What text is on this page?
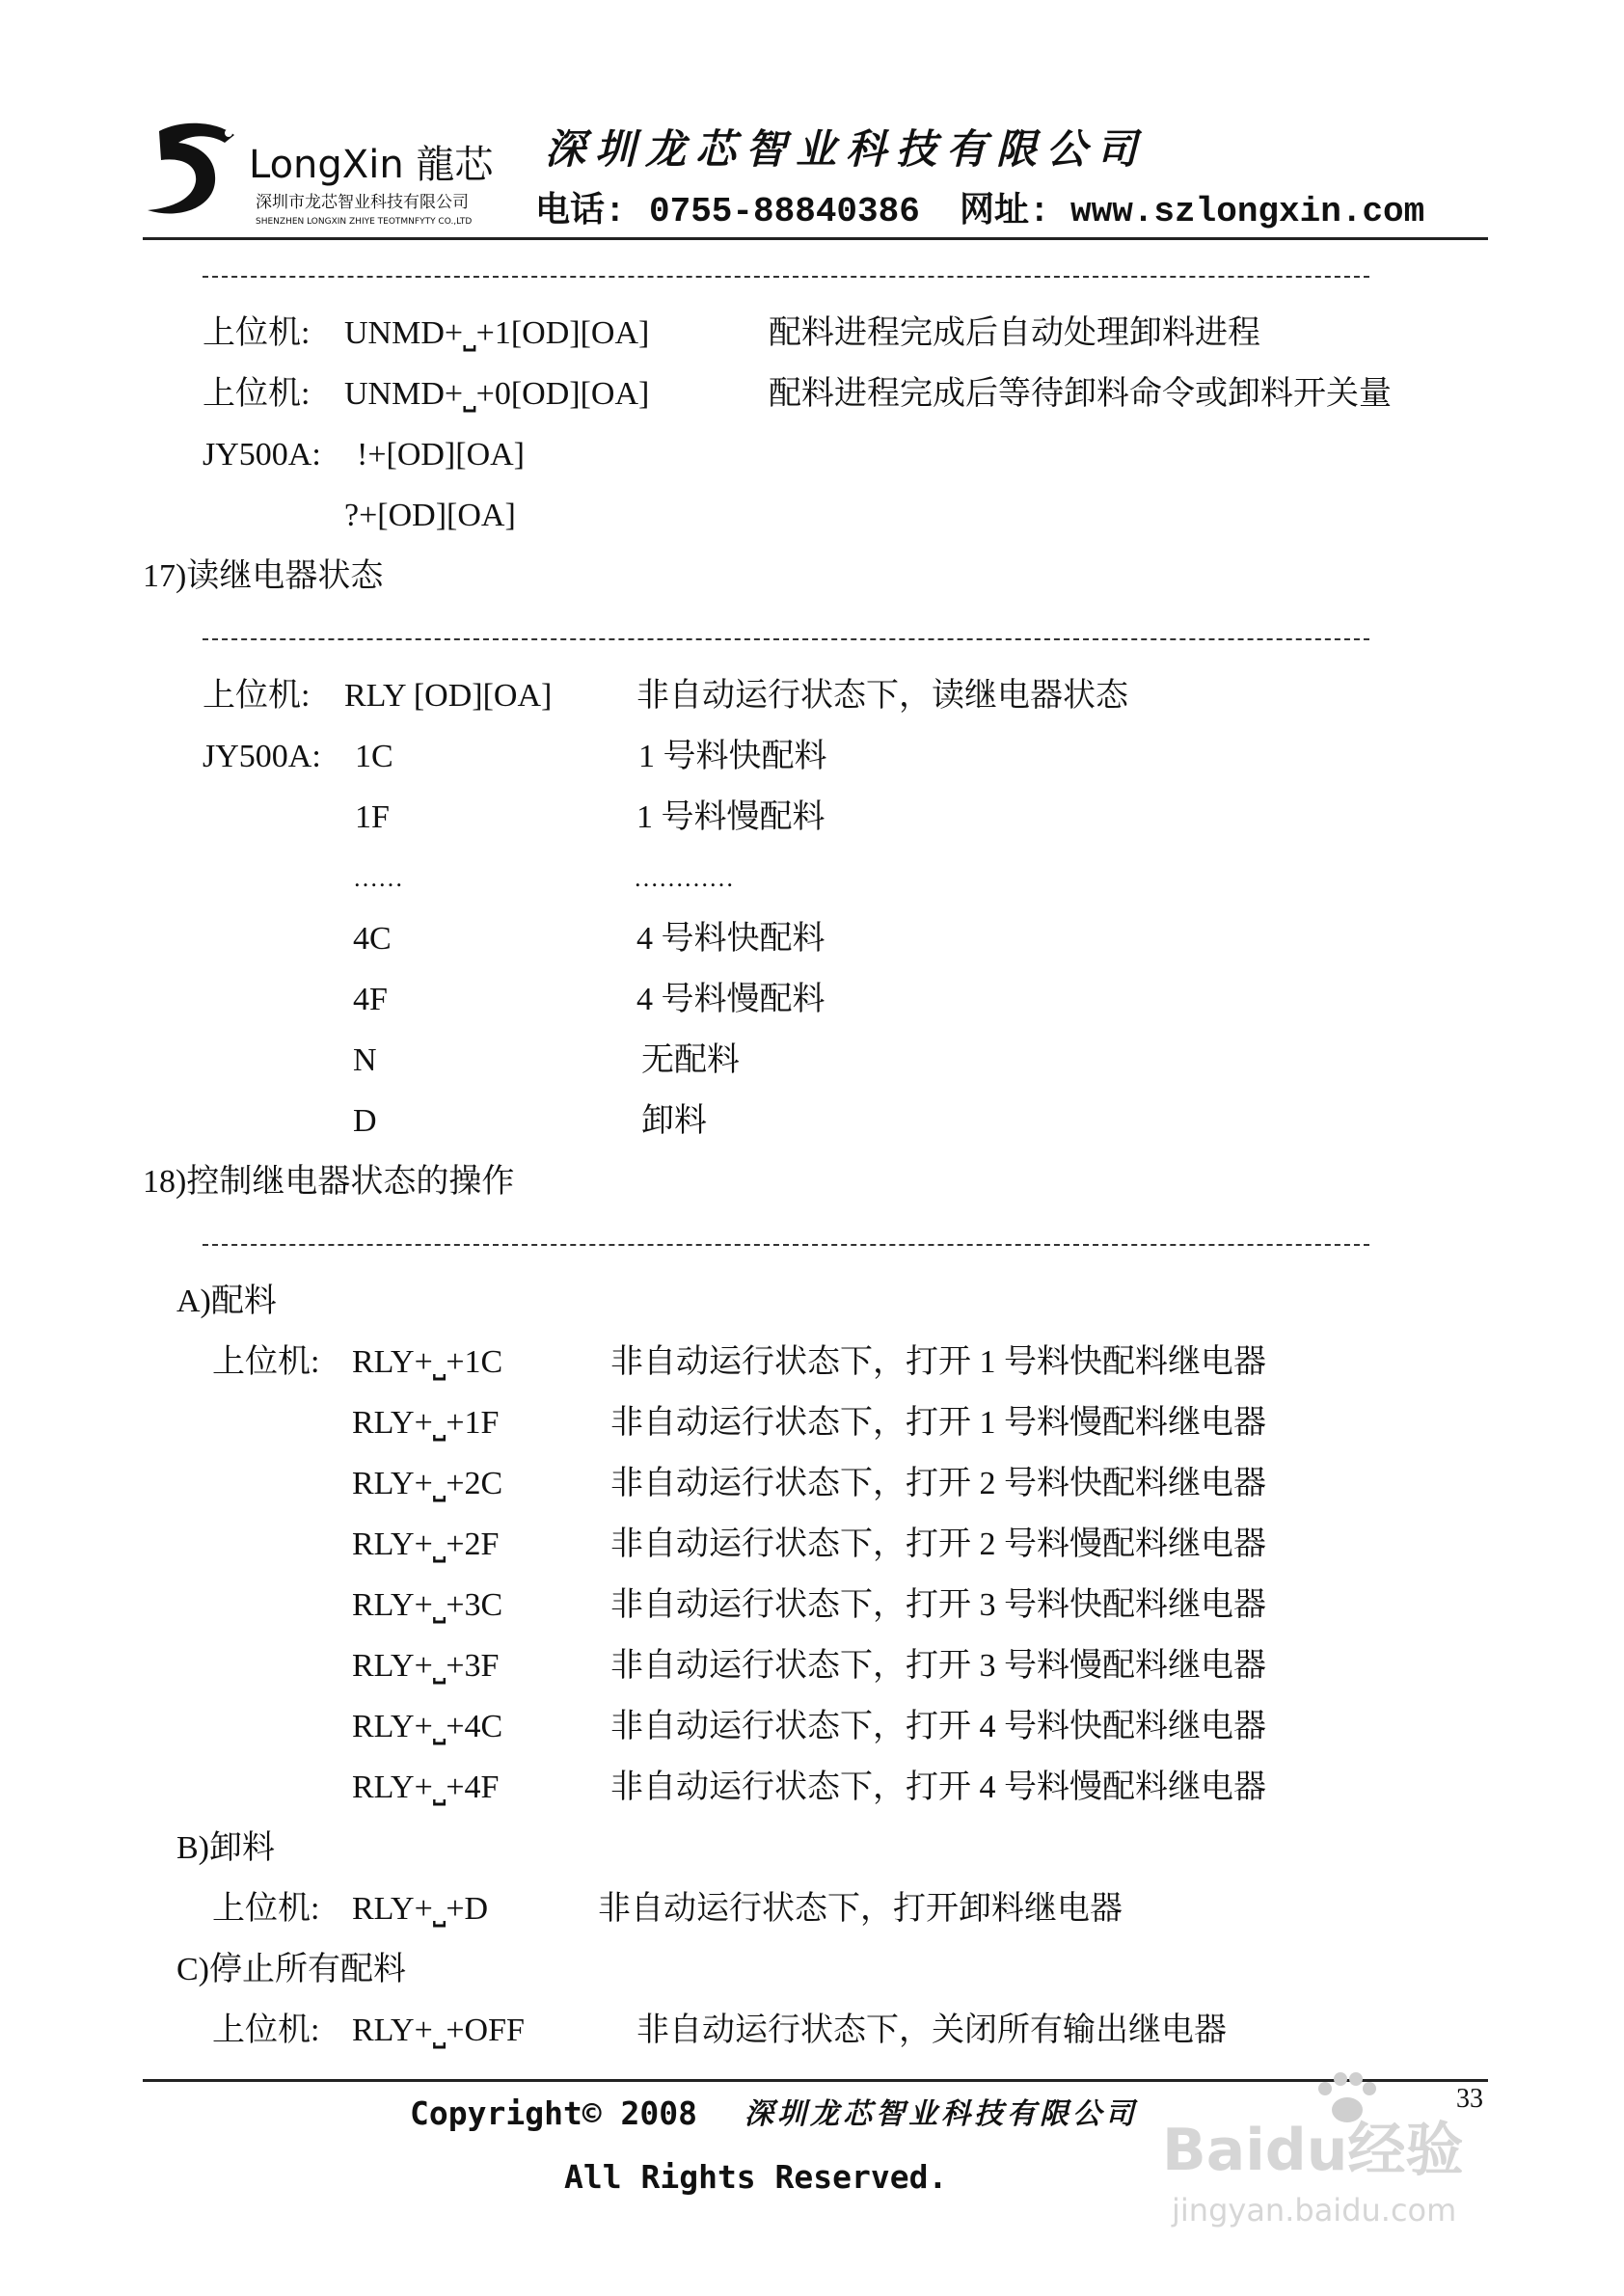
LongXin 龍芯
深圳市龙芯智业科技有限公司
SHENZHEN LONGXIN ZHIYE TEOTMNFYTY CO.,LTD
深圳龙芯智业科技有限公司
电话: 0755-88840386 网址: www.szlongxin.com
上位机: UNMD+⎵+1[OD][OA]	配料进程完成后自动处理卸料进程
上位机: UNMD+⎵+0[OD][OA]	配料进程完成后等待卸料命令或卸料开关量
JY500A: !+[OD][OA]
?+[OD][OA]
17)读继电器状态
上位机: RLY [OD][OA]	非自动运行状态下，读继电器状态
JY500A: 1C	1 号料快配料
1F	1 号料慢配料
……	…………
4C	4 号料快配料
4F	4 号料慢配料
N	无配料
D	卸料
18)控制继电器状态的操作
A)配料
上位机: RLY+⎵+1C	非自动运行状态下，打开 1 号料快配料继电器
RLY+⎵+1F	非自动运行状态下，打开 1 号料慢配料继电器
RLY+⎵+2C	非自动运行状态下，打开 2 号料快配料继电器
RLY+⎵+2F	非自动运行状态下，打开 2 号料慢配料继电器
RLY+⎵+3C	非自动运行状态下，打开 3 号料快配料继电器
RLY+⎵+3F	非自动运行状态下，打开 3 号料慢配料继电器
RLY+⎵+4C	非自动运行状态下，打开 4 号料快配料继电器
RLY+⎵+4F	非自动运行状态下，打开 4 号料慢配料继电器
B)卸料
上位机: RLY+⎵+D	非自动运行状态下，打开卸料继电器
C)停止所有配料
上位机: RLY+⎵+OFF	非自动运行状态下，关闭所有输出继电器
33
Copyright© 2008 深圳龙芯智业科技有限公司
All Rights Reserved.	Baidu经验
jingyan.baidu.com
